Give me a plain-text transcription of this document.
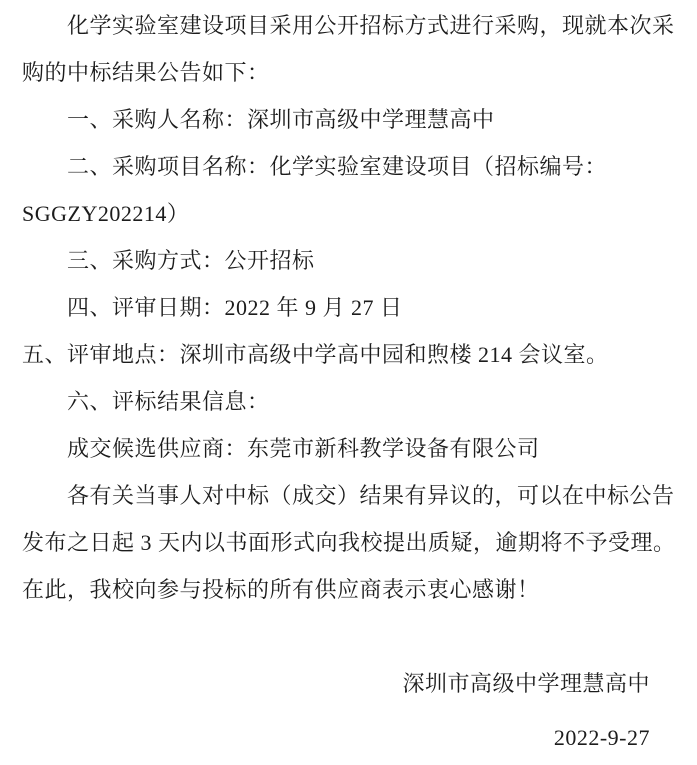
化学实验室建设项目采用公开招标方式进行采购，现就本次采
购的中标结果公告如下：
一、采购人名称：深圳市高级中学理慧高中
二、采购项目名称：化学实验室建设项目（招标编号：
SGGZY202214）
三、采购方式：公开招标
四、评审日期：2022 年 9 月 27 日
五、评审地点：深圳市高级中学高中园和煦楼 214 会议室。
六、评标结果信息：
成交候选供应商：东莞市新科教学设备有限公司
各有关当事人对中标（成交）结果有异议的，可以在中标公告
发布之日起 3 天内以书面形式向我校提出质疑，逾期将不予受理。
在此，我校向参与投标的所有供应商表示衷心感谢！
深圳市高级中学理慧高中
2022-9-27
